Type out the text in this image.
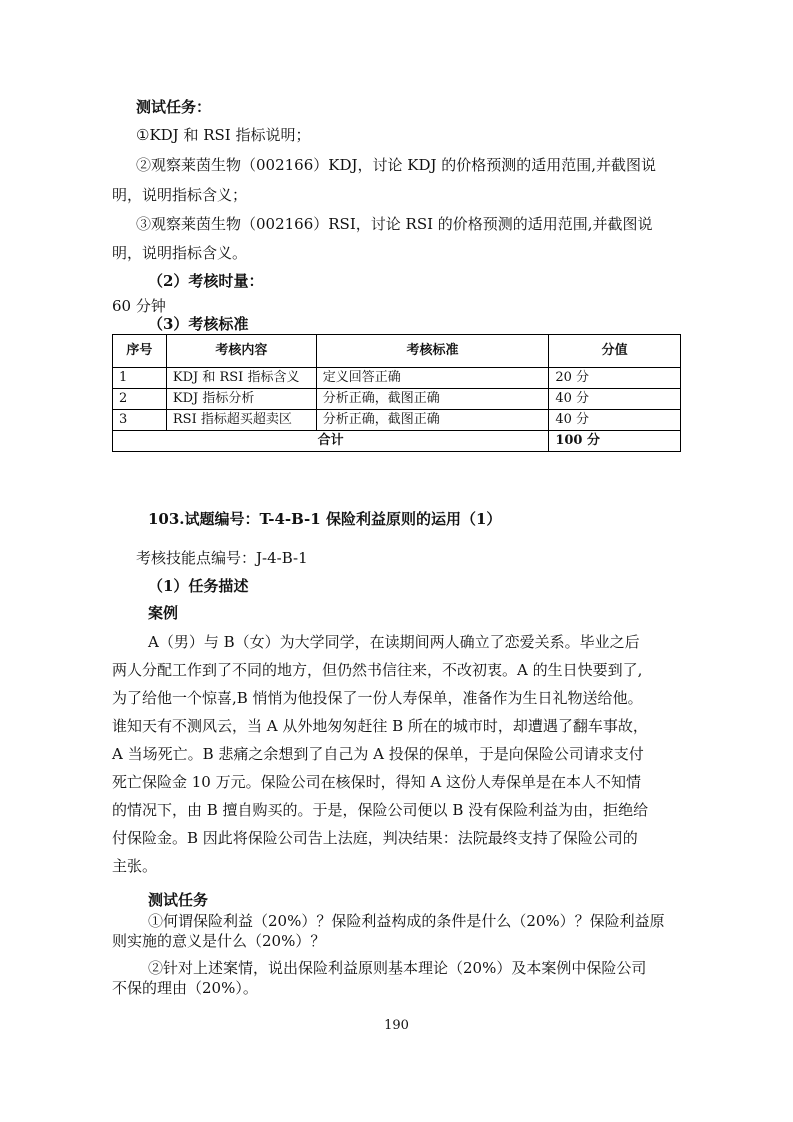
测试任务：
①KDJ 和 RSI 指标说明；
②观察莱茵生物（002166）KDJ，讨论 KDJ 的价格预测的适用范围,并截图说
明，说明指标含义；
③观察莱茵生物（002166）RSI，讨论 RSI 的价格预测的适用范围,并截图说
明，说明指标含义。
（2）考核时量：
60 分钟
（3）考核标准
序号	考核内容	考核标准	分值
1	KDJ 和 RSI 指标含义	定义回答正确	20 分
2	KDJ 指标分析	分析正确，截图正确	40 分
3	RSI 指标超买超卖区	分析正确，截图正确	40 分
合计			100 分
103.试题编号：T-4-B-1 保险利益原则的运用（1）
考核技能点编号：J-4-B-1
（1）任务描述
案例
A（男）与 B（女）为大学同学，在读期间两人确立了恋爱关系。毕业之后
两人分配工作到了不同的地方，但仍然书信往来，不改初衷。A 的生日快要到了,
为了给他一个惊喜,B 悄悄为他投保了一份人寿保单，准备作为生日礼物送给他。
谁知天有不测风云，当 A 从外地匆匆赶往 B 所在的城市时，却遭遇了翻车事故，
A 当场死亡。B 悲痛之余想到了自己为 A 投保的保单，于是向保险公司请求支付
死亡保险金 10 万元。保险公司在核保时，得知 A 这份人寿保单是在本人不知情
的情况下，由 B 擅自购买的。于是，保险公司便以 B 没有保险利益为由，拒绝给
付保险金。B 因此将保险公司告上法庭，判决结果：法院最终支持了保险公司的
主张。
测试任务
①何谓保险利益（20%）？保险利益构成的条件是什么（20%）？保险利益原
则实施的意义是什么（20%）？
②针对上述案情，说出保险利益原则基本理论（20%）及本案例中保险公司
不保的理由（20%）。
190
